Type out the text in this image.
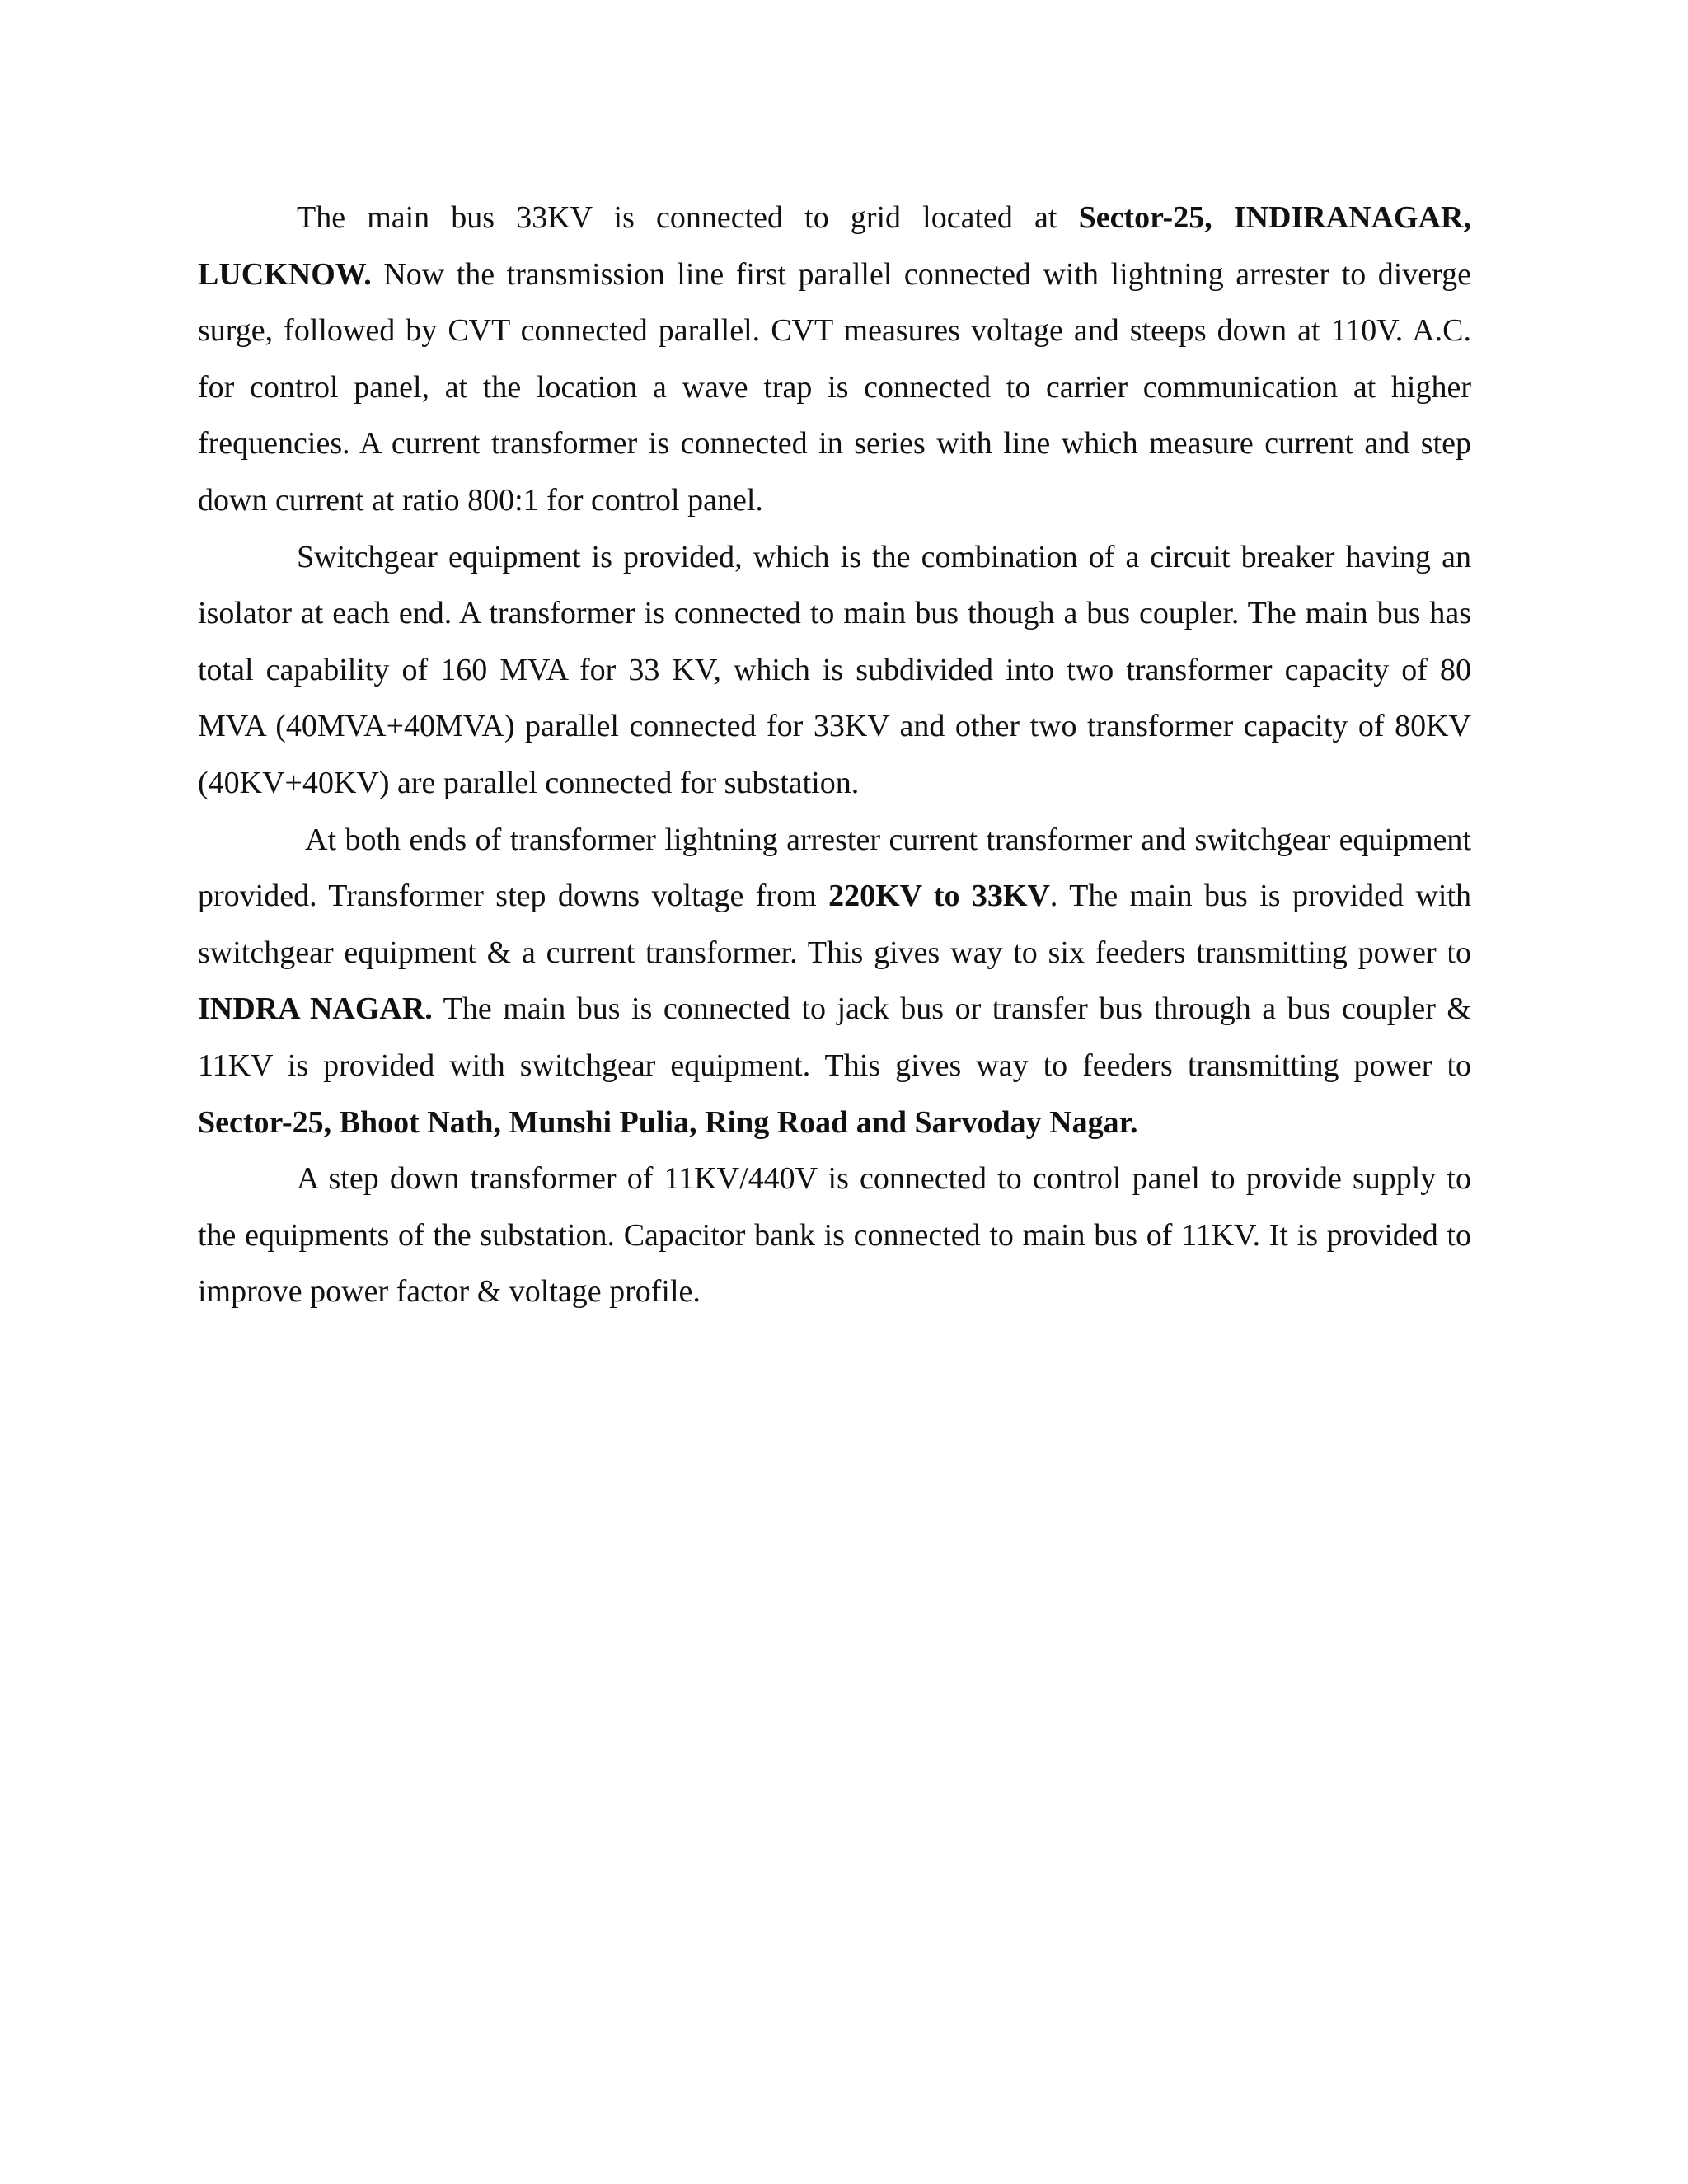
The main bus 33KV is connected to grid located at Sector-25, INDIRANAGAR, LUCKNOW. Now the transmission line first parallel connected with lightning arrester to diverge surge, followed by CVT connected parallel. CVT measures voltage and steeps down at 110V. A.C. for control panel, at the location a wave trap is connected to carrier communication at higher frequencies. A current transformer is connected in series with line which measure current and step down current at ratio 800:1 for control panel.

Switchgear equipment is provided, which is the combination of a circuit breaker having an isolator at each end. A transformer is connected to main bus though a bus coupler. The main bus has total capability of 160 MVA for 33 KV, which is subdivided into two transformer capacity of 80 MVA (40MVA+40MVA) parallel connected for 33KV and other two transformer capacity of 80KV (40KV+40KV) are parallel connected for substation.

At both ends of transformer lightning arrester current transformer and switchgear equipment provided. Transformer step downs voltage from 220KV to 33KV. The main bus is provided with switchgear equipment & a current transformer. This gives way to six feeders transmitting power to INDRA NAGAR. The main bus is connected to jack bus or transfer bus through a bus coupler & 11KV is provided with switchgear equipment. This gives way to feeders transmitting power to Sector-25, Bhoot Nath, Munshi Pulia, Ring Road and Sarvoday Nagar.

A step down transformer of 11KV/440V is connected to control panel to provide supply to the equipments of the substation. Capacitor bank is connected to main bus of 11KV. It is provided to improve power factor & voltage profile.
